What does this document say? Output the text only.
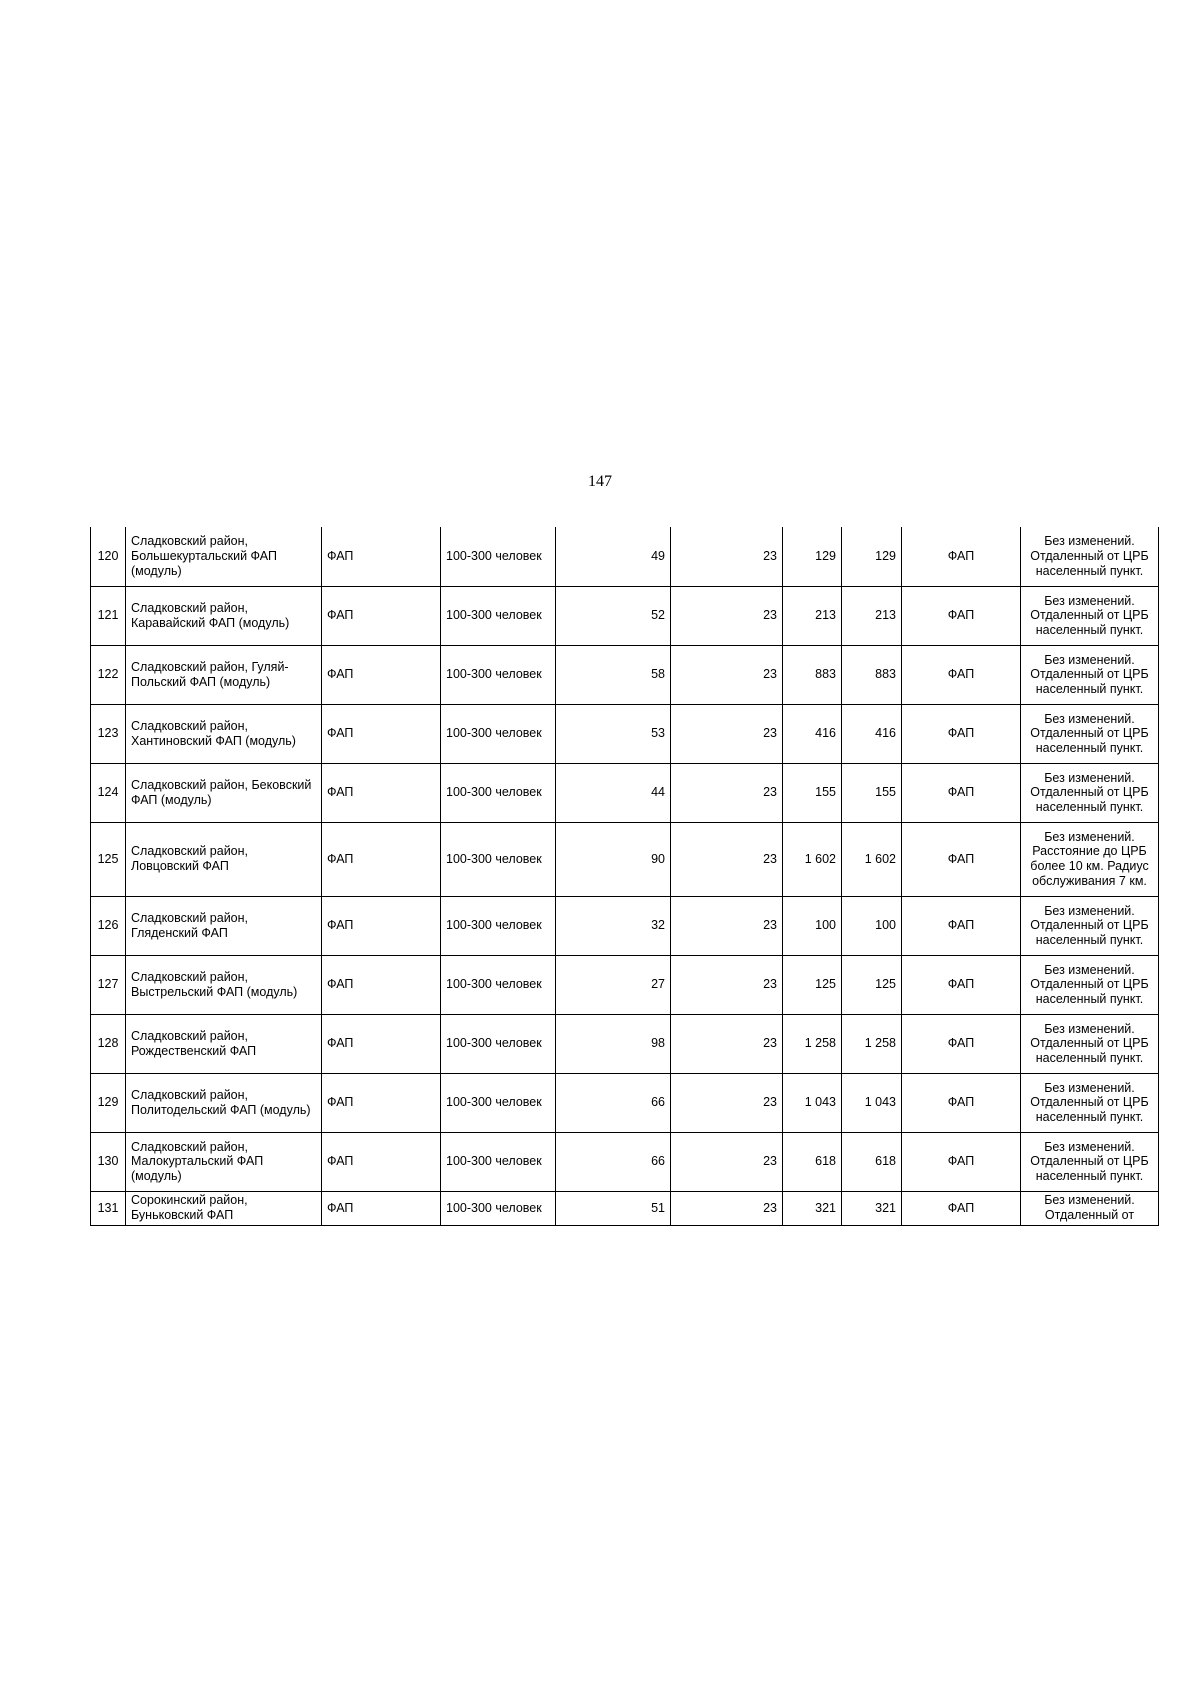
147
120	Сладковский район, Большекуртальский ФАП (модуль)	ФАП	100-300 человек	49	23	129	129	ФАП	Без изменений. Отдаленный от ЦРБ населенный пункт.
121	Сладковский район, Каравайский ФАП (модуль)	ФАП	100-300 человек	52	23	213	213	ФАП	Без изменений. Отдаленный от ЦРБ населенный пункт.
122	Сладковский район, Гуляй-Польский ФАП (модуль)	ФАП	100-300 человек	58	23	883	883	ФАП	Без изменений. Отдаленный от ЦРБ населенный пункт.
123	Сладковский район, Хантиновский ФАП (модуль)	ФАП	100-300 человек	53	23	416	416	ФАП	Без изменений. Отдаленный от ЦРБ населенный пункт.
124	Сладковский район, Бековский ФАП (модуль)	ФАП	100-300 человек	44	23	155	155	ФАП	Без изменений. Отдаленный от ЦРБ населенный пункт.
125	Сладковский район, Ловцовский ФАП	ФАП	100-300 человек	90	23	1 602	1 602	ФАП	Без изменений. Расстояние до ЦРБ более 10 км. Радиус обслуживания 7 км.
126	Сладковский район, Гляденский ФАП	ФАП	100-300 человек	32	23	100	100	ФАП	Без изменений. Отдаленный от ЦРБ населенный пункт.
127	Сладковский район, Выстрельский ФАП (модуль)	ФАП	100-300 человек	27	23	125	125	ФАП	Без изменений. Отдаленный от ЦРБ населенный пункт.
128	Сладковский район, Рождественский ФАП	ФАП	100-300 человек	98	23	1 258	1 258	ФАП	Без изменений. Отдаленный от ЦРБ населенный пункт.
129	Сладковский район, Политодельский ФАП (модуль)	ФАП	100-300 человек	66	23	1 043	1 043	ФАП	Без изменений. Отдаленный от ЦРБ населенный пункт.
130	Сладковский район, Малокуртальский ФАП (модуль)	ФАП	100-300 человек	66	23	618	618	ФАП	Без изменений. Отдаленный от ЦРБ населенный пункт.
131	Сорокинский район, Буньковский ФАП	ФАП	100-300 человек	51	23	321	321	ФАП	Без изменений. Отдаленный от
